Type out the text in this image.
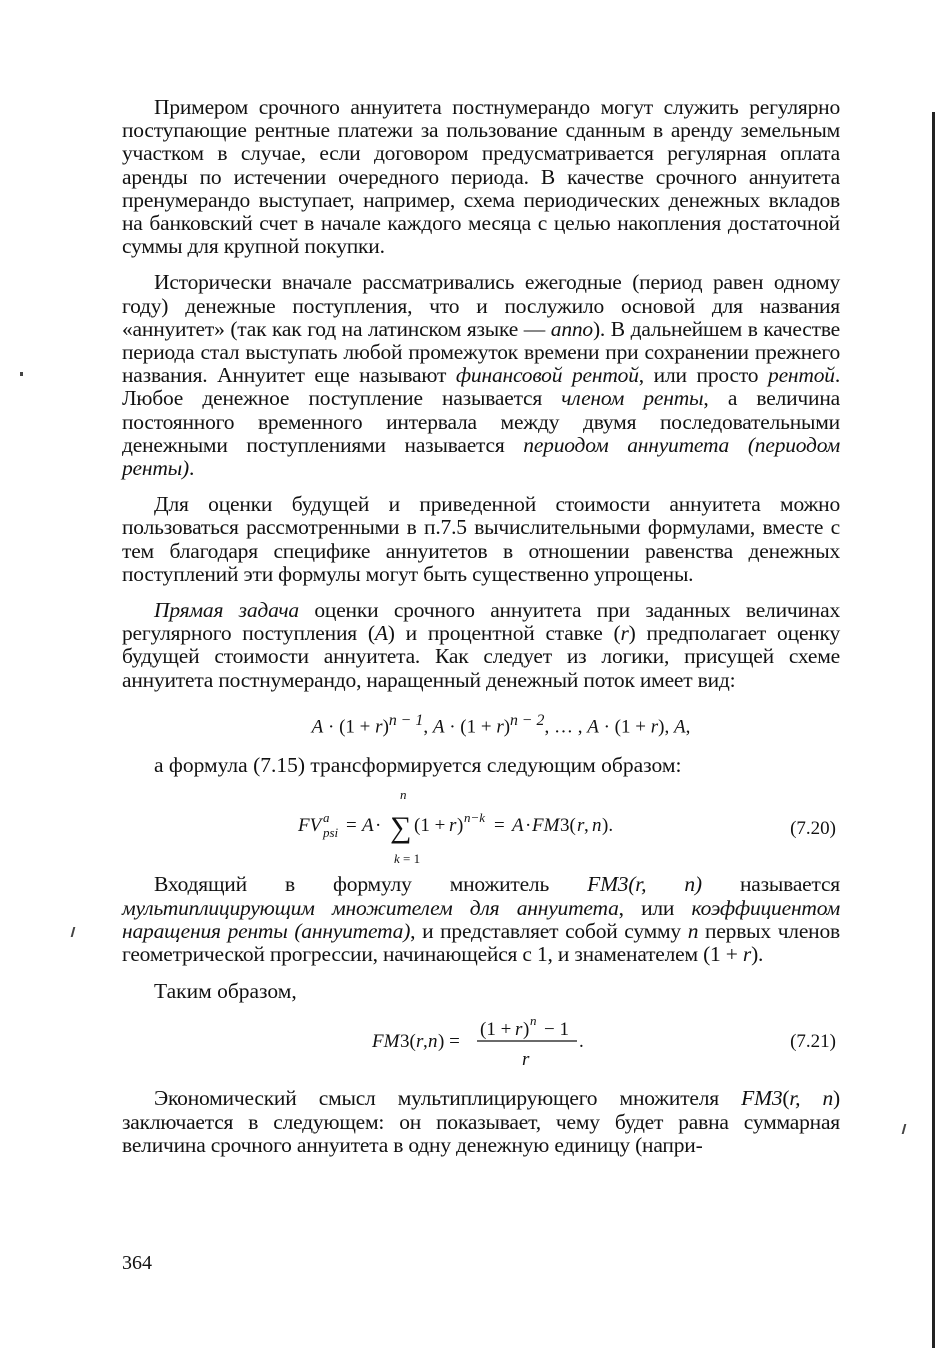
Примером срочного аннуитета постнумерандо могут служить регулярно поступающие рентные платежи за пользование сданным в аренду земельным участком в случае, если договором предусматривается регулярная оплата аренды по истечении очередного периода. В качестве срочного аннуитета пренумерандо выступает, например, схема периодических денежных вкладов на банковский счет в начале каждого месяца с целью накопления достаточной суммы для крупной покупки.

Исторически вначале рассматривались ежегодные (период равен одному году) денежные поступления, что и послужило основой для названия «аннуитет» (так как год на латинском языке — anno). В дальнейшем в качестве периода стал выступать любой промежуток времени при сохранении прежнего названия. Аннуитет еще называют финансовой рентой, или просто рентой. Любое денежное поступление называется членом ренты, а величина постоянного временного интервала между двумя последовательными денежными поступлениями называется периодом аннуитета (периодом ренты).

Для оценки будущей и приведенной стоимости аннуитета можно пользоваться рассмотренными в п.7.5 вычислительными формулами, вместе с тем благодаря специфике аннуитетов в отношении равенства денежных поступлений эти формулы могут быть существенно упрощены.

Прямая задача оценки срочного аннуитета при заданных величинах регулярного поступления (A) и процентной ставке (r) предполагает оценку будущей стоимости аннуитета. Как следует из логики, присущей схеме аннуитета постнумерандо, наращенный денежный поток имеет вид:

$A \cdot (1 + r)^{n - 1}$, $A \cdot (1 + r)^{n - 2}$, … , A · (1 + r), A,

а формула (7.15) трансформируется следующим образом:

FV a
psi = A · ∑
n
k = 1
(1 + r ) n−k = A · FM 3( r , n ).	(7.20)

Входящий в формулу множитель FM3(r, n) называется мультиплицирующим множителем для аннуитета, или коэффициентом наращения ренты (аннуитета), и представляет собой сумму n первых членов геометрической прогрессии, начинающейся с 1, и знаменателем (1 + r).

Таким образом,

FM 3( r , n ) =
(1 + r ) n − 1
r
.	(7.21)

Экономический смысл мультиплицирующего множителя FM3(r, n) заключается в следующем: он показывает, чему будет равна суммарная величина срочного аннуитета в одну денежную единицу (напри-

364
